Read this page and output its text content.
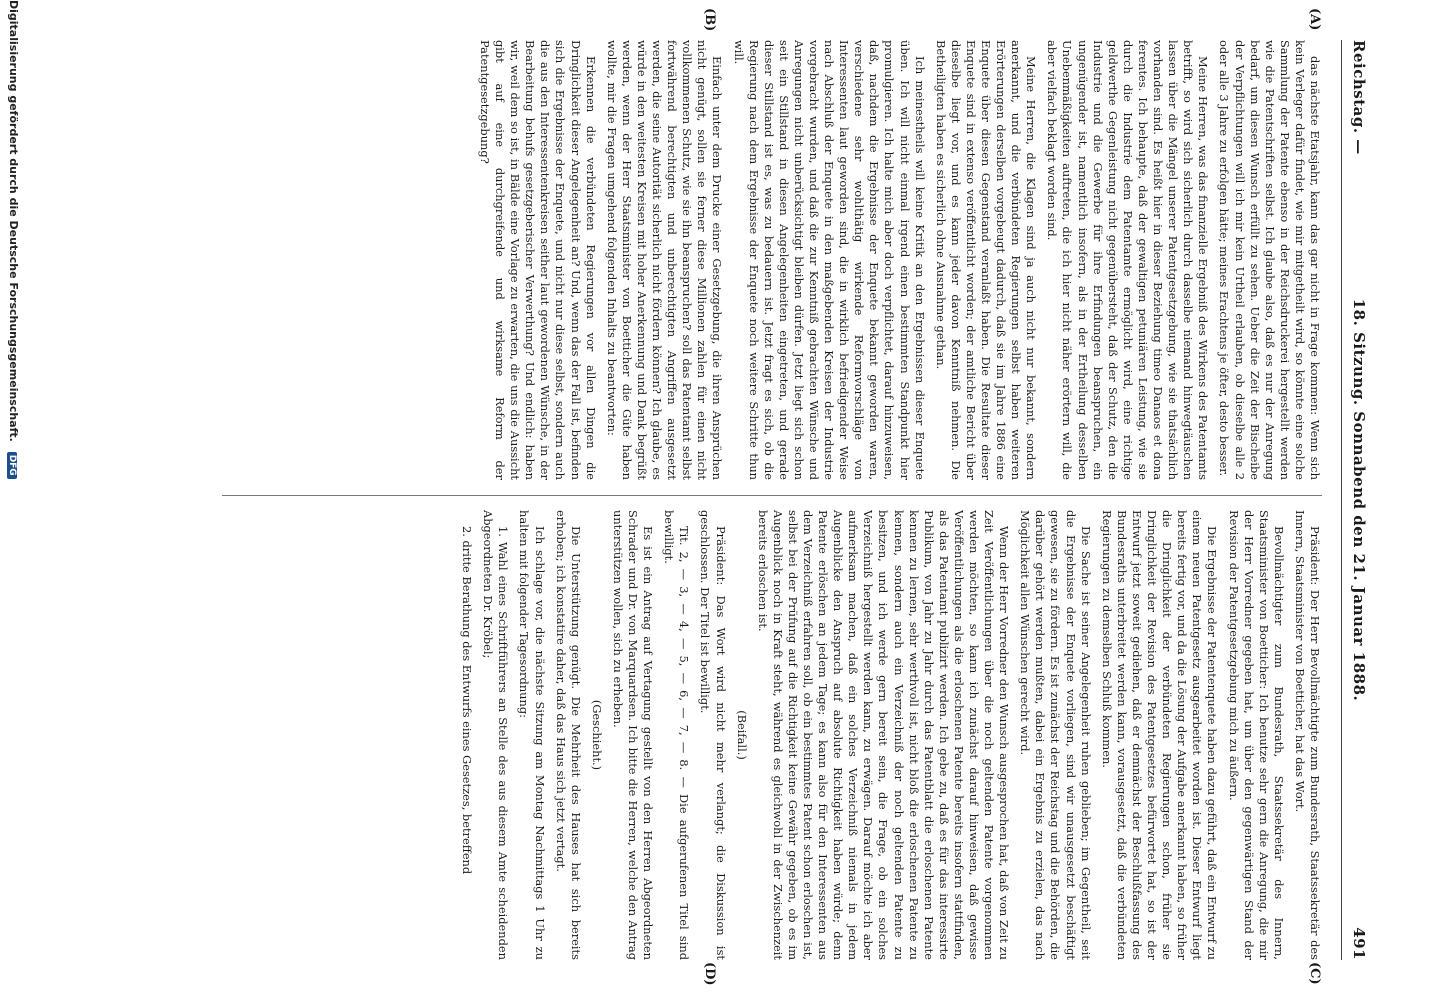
Reichstag. —
18. Sitzung. Sonnabend den 21. Januar 1888.
491
(A)
(B)
(C)
(D)

das nächste Etatsjahr, kann das gar nicht in Frage kommen: Wenn sich kein Verleger dafür findet, wie mir mitgetheilt wird, so könnte eine solche Sammlung der Patente ebenso in der Reichsdruckerei hergestellt werden wie die Patentschriften selbst. Ich glaube also, daß es nur der Anregung bedarf, um diesen Wunsch erfüllt zu sehen. Ueber die Zeit der Bischeibe der Verpflichtungen will ich mir kein Urtheil erlauben, ob dieselbe alle 2 oder alle 3 Jahre zu erfolgen hätte; meines Erachtens je öfter, desto besser.

Meine Herren, was das finanzielle Ergebniß des Wirkens des Patentamts betrifft, so wird sich sicherlich durch dasselbe niemand hinwegtäuschen lassen über die Mängel unserer Patentgesetzgebung, wie sie thatsächlich vorhanden sind. Es heißt hier in dieser Beziehung timeo Danaos et dona ferentes. Ich behaupte, daß der gewaltigen petuniären Leistung, wie sie durch die Industrie dem Patentamte ermöglicht wird, eine richtige geldwerthe Gegenleistung nicht gegenübersteht, daß der Schutz, den die Industrie und die Gewerbe für ihre Erfindungen beanspruchen, ein ungenügender ist, namentlich insofern, als in der Ertheilung desselben Unebenmäßigkeiten auftreten, die ich hier nicht näher erörtern will, die aber vielfach beklagt worden sind.

Meine Herren, die Klagen sind ja auch nicht nur bekannt, sondern anerkannt, und die verbündeten Regierungen selbst haben weiteren Erörterungen derselben vorgebeugt dadurch, daß sie im Jahre 1886 eine Enquete über diesen Gegenstand veranlaßt haben. Die Resultate dieser Enquete sind in extenso veröffentlicht worden; der amtliche Bericht über dieselbe liegt vor, und es kann jeder davon Kenntniß nehmen. Die Betheiligten haben es sicherlich ohne Ausnahme gethan.

Ich meinestheils will keine Kritik an den Ergebnissen dieser Enquete üben. Ich will nicht einmal irgend einen bestimmten Standpunkt hier promulgieren. Ich halte mich aber doch verpflichtet, darauf hinzuweisen, daß, nachdem die Ergebnisse der Enquete bekannt geworden waren, verschiedene sehr wohlthätig wirkende Reformvorschläge von Interessenten laut geworden sind, die in wirklich befriedigender Weise nach Abschluß der Enquete in den maßgebenden Kreisen der Industrie vorgebracht wurden, und daß die zur Kenntniß gebrachten Wünsche und Anregungen nicht unberücksichtigt bleiben dürfen. Jetzt liegt sich schon seit ein Stillstand in diesen Angelegenheiten eingetreten, und gerade dieser Stillstand ist es, was zu bedauern ist. Jetzt fragt es sich, ob die Regierung nach dem Ergebnisse der Enquete noch weitere Schritte thun will.

Einfach unter dem Drucke einer Gesetzgebung, die ihren Ansprüchen nicht genügt, sollen sie ferner diese Millionen zahlen für einen nicht vollkommenen Schutz, wie sie ihn beanspruchen? soll das Patentamt selbst fortwährend berechtigten und unberechtigten Angriffen ausgesetzt werden, die seine Autorität sicherlich nicht fördern können? Ich glaube, es würde in den weitesten Kreisen mit hoher Anerkennung und Dank begrüßt werden, wenn der Herr Staatsminister von Boetticher die Güte haben wollte, mir die Fragen umgehend folgenden Inhalts zu beantworten:

Erkennen die verbündeten Regierungen vor allen Dingen die Dringlichkeit dieser Angelegenheit an? Und, wenn das der Fall ist, befinden sich die Ergebnisse der Enquete, und nicht nur diese selbst, sondern auch die aus den Interessentenkreisen seither laut gewordenen Wünsche, in der Bearbeitung behufs gesetzgeberischer Verwerthung? Und endlich: haben wir, weil dem so ist, in Bälde eine Vorlage zu erwarten, die uns die Aussicht gibt auf eine durchgreifende und wirksame Reform der Patentgesetzgebung?

Präsident: Der Herr Bevollmächtigte zum Bundesrath, Staatssekretär des Innern, Staatsminister von Boetticher, hat das Wort.

Bevollmächtigter zum Bundesrath, Staatssekretär des Innern, Staatsminister von Boetticher: Ich benutze sehr gern die Anregung, die mir der Herr Vorredner gegeben hat, um über den gegenwärtigen Stand der Revision der Patentgesetzgebung mich zu äußern.

Die Ergebnisse der Patentenquete haben dazu geführt, daß ein Entwurf zu einem neuen Patentgesetz ausgearbeitet worden ist. Dieser Entwurf liegt bereits fertig vor, und da die Lösung der Aufgabe anerkannt haben, so früher die Dringlichkeit der verbündeten Regierungen schon, früher sie Dringlichkeit der Revision des Patentgesetzes befürwortet hat, so ist der Entwurf jetzt soweit gediehen, daß er demnächst der Beschlußfassung des Bundesraths unterbreitet werden kann, vorausgesetzt, daß die verbündeten Regierungen zu demselben Schluß kommen.

Die Sache ist seiner Angelegenheit ruhen geblieben; im Gegentheil, seit die Ergebnisse der Enquete vorliegen, sind wir unausgesetzt beschäftigt gewesen, sie zu fördern. Es ist zunächst der Reichstag und die Behörden, die darüber gehört werden mußten, dabei ein Ergebnis zu erzielen, das nach Möglichkeit allen Wünschen gerecht wird.

Wenn der Herr Vorredner den Wunsch ausgesprochen hat, daß von Zeit zu Zeit Veröffentlichungen über die noch geltenden Patente vorgenommen werden möchten, so kann ich zunächst darauf hinweisen, daß gewisse Veröffentlichungen als die erloschenen Patente bereits insofern stattfinden, als das Patentamt publizirt werden. Ich gebe zu, daß es für das interessirte Publikum, von Jahr zu Jahr durch das Patentblatt die erloschenen Patente kennen zu lernen, sehr werthvoll ist, nicht bloß die erloschenen Patente zu kennen, sondern auch ein Verzeichniß der noch geltenden Patente zu besitzen, und ich werde gern bereit sein, die Frage, ob ein solches Verzeichniß hergestellt werden kann, zu erwägen. Darauf möchte ich aber aufmerksam machen, daß ein solches Verzeichniß niemals in jedem Augenblicke den Anspruch auf absolute Richtigkeit haben würde; denn Patente erlöschen an jedem Tage; es kann also für den Interessenten aus dem Verzeichniß erfahren soll, ob ein bestimmtes Patent schon erloschen ist, selbst bei der Prüfung auf die Richtigkeit keine Gewähr gegeben, ob es im Augenblick noch in Kraft steht, während es gleichwohl in der Zwischenzeit bereits erloschen ist.

(Beifall.)

Präsident: Das Wort wird nicht mehr verlangt; die Diskussion ist geschlossen. Der Titel ist bewilligt.

Tit. 2, — 3, — 4, — 5, — 6, — 7, — 8. — Die aufgerufenen Titel sind bewilligt.

Es ist ein Antrag auf Vertagung gestellt von den Herren Abgeordneten Schrader und Dr. von Marquardsen. Ich bitte die Herren, welche den Antrag unterstützen wollen, sich zu erheben.

(Geschieht.)

Die Unterstützung genügt. Die Mehrheit des Hauses hat sich bereits erhoben; ich konstatire daher, daß das Haus sich jetzt vertagt.

Ich schlage vor, die nächste Sitzung am Montag Nachmittags 1 Uhr zu halten mit folgender Tagesordnung:

1. Wahl eines Schriftführers an Stelle des aus diesem Amte scheidenden Abgeordneten Dr. Kröbel;

2. dritte Berathung des Entwurfs eines Gesetzes, betreffend

Digitalisierung gefördert durch die Deutsche Forschungsgemeinschaft. DFG
